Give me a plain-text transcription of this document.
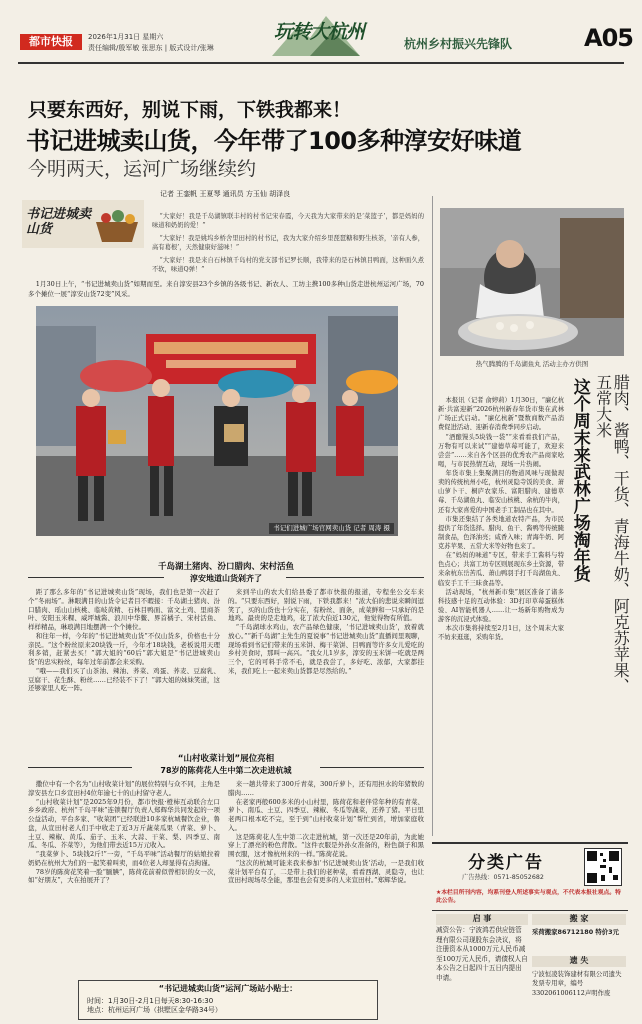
都市快报 2026年1月31日 星期六
责任编辑/殷军敏 张思东 | 版式设计/张琳
玩转大杭州
杭州乡村振兴先锋队	A05
只要东西好，别说下雨，下铁我都来！
书记进城卖山货，今年带了100多种淳安好味道
今明两天，运河广场继续约
记者 王銮帆 王夏琴 通讯员 方玉仙 胡泽良
书记进城卖山货

“大家好！我是千岛湖镇联丰村的村书记宋春霞，今天我为大家带来的是‘菜篮子’，都是妈妈的味道和奶奶的爱！”

“大家好！我是姚坞乡桥舍里田村的村书记，我为大家介绍乡里琵琶糖和野生核茶，‘亲有人参，高有葛根’，天然健康好滋味！”

“大家好！我是来自石林镇千岛村的党支部书记罗长顺，我带来的是石林镇目鸭面，这种面久煮不软，味道Q弹！”

1月30日上午，“书记进城卖山货”如期而至。来自淳安县23个乡镇的各级书记、新农人、工坊主携100多种山货走进杭州运河广场，70多个摊位一展“淳安山货72变”风采。

书记们进城广场官网卖山货 记者 周涛 摄
千岛湖土猪肉、汾口腊肉、宋村活鱼
淳安地道山货剁齐了

距了那么多年的“书记进城卖山货”现场，我们也是第一次赶了个“冬雨场”。淋眼满目的山货令记者目不暇接：千岛湖土猪肉、汾口腊肉、瑶山山核桃、临岐黄精、石林目鸭面、富文土鸡、里商茶叶、安阳玉米粿、威坪城酱、浪川中华鳖、界首橘子、宋村活鱼、样样精品，琳琅满目地摆满一个个摊位。

和往年一样，今年的“书记进城卖山货”不仅山货多，价格也十分亲民。“这个粉丝原来20块钱一斤，今年才18块钱，老板说用天理利多销，赶紧去买！”郭大姐的“60后”郭大姐是“书记进城卖山货”的忠实粉丝，每年过年前都会来采购。

“哦——我们买了山茶油、辣油、荞菜、鸡蛋、荞麦、豆腐乳、豆腐干、花生酥、粉丝……已经装不下了！”郭大姐的妹妹笑道，这还够家里人吃一阵。

来到半山的农大们给县委了都市快报的报道，专程坐公交车来的。“只要东西好，别说下雨，下铁我都来！”浓大伯的悲说来瞬间逗笑了，买的山货也十分实在，有粉丝、面条，成菜鲜和一只承好的是地鸡。最贵的是走地鸡，花了浓大伯近130元，他觉得物有所值。

“千岛湖球水鸡山，农产品绿色健康，‘书记进城卖山货’，放着就放心。”“新千岛湖”主先生的夏说事“书记进城卖山货”直播间里观聊，现场看到书记们带来的玉米饼、梅干菜饼、目鸭面等许多女儿爱吃的乡村美食时，那叫一高兴。“我女儿1岁多，淳安的玉米饼一吃就是两三个，它的可料手常不毛，就是我尝了，多好吃、浓郁，大家都挂米，我们吃上一起来卖山货都是尽然给的。”

“山村收菜计划”展位亮相
78岁的陈荷花人生中第二次走进杭城

撒位中有一个名为“山村收菜计划”的展位特别与众不同，主角是淳安县左口乡宣田村4位年逾七十的山村留守老人。

“山村收菜计划”是2025年9月份，都市快报·橙柿互动联合左口乡乡政府、杭州“千岛平味”连锁餐厅负责人郑辉华共同发起的一项公益活动，平台多家、“收菜团”已经联进10多家杭城餐饮企业，鲁盘，从宣田村老人们手中收走了近3万斤蔬菜瓜果（青菜、萝卜、土豆、辣椒、黄瓜、茄子、玉米、大蒜、干菜、梨、四季豆、南瓜、冬瓜、芥菜等），为他们带去近15万元收入。

“我菜萝卜、5块钱2斤!”一旁，“千岛平味”活动餐厅的姑娘拉着奶奶在杭州大为们的一起笑着叫卖，而4位老人却显得有点拘谨。

78岁的陈荷花笑着一脸“腼腆”，陈荷花前着似曾相识的女一次，如“好朋友”，大在拍展开了？

来一趟共带来了300斤青菜，300斤萝卜，还有用担水的年猪数的腊肉……

在老家再般600多米的小山村里，陈荷花和老伴常年种的有青菜、萝卜、南瓜、土豆、四季豆、辣椒、冬瓜等蔬菜，还养了猪。平日里老两口根本吃不完，至于到“山村收菜计划”帮忙到省，增加家庭收入。

这是陈荷花人生中第二次走进杭城，第一次还是20年前，为此她穿上了漂亮的粉色背散。“这件衣服是外孙女准备的，粉色颜子和黑围衣服，这才像杭州来的一样。”陈荷花说。

“这次的杭城可能来我来参加‘书记进城卖山货’活动，一是我们收菜计划平台有了，二是带上我们的老种菜，看看西湖、灵隐寺，也让宣田村现场尽全能，那里也会有更多的人来宣田村。”郑辉华说。

“书记进城卖山货”运河广场站小贴士：
时间：1月30日-2月1日每天8:30-16:30
地点：杭州运河广场（拱墅区金华路34号）
热气腾腾的千岛湖鱼丸 活动主办方供图
腊肉、酱鸭、干货、青海牛奶、阿克苏苹果、五常大米
这个周末来武林广场淘年货

本报讯（记者 俞婷莉）1月30日，“廉亿杭新·共富迎新”2026杭州新春年货市集在武林广场正式启动。“廉亿杭新”暨数商数产品消费促进活动、迎新春消费季同步启动。

“酒酿馒头5块钱一袋”“来看看我们产品，万物有可以来试”“建德草莓可能了，欢迎来尝尝”……来自各个区县的优秀农产品商家吆喝，与市民热情互动，现场一片热闹。

年货市集上集聚满目的物道风味与现做现卖的传统杭州小吃，杭州灵隐寺饭的美食、萧山萝卜干、桐庐农家乐、富阳腊肉、建德草莓、千岛湖鱼丸、临安山核桃、余杭的牛肉，还有大家喜爱的中国老手工制品也在其中。

市集还集结了各类地道农特产品，为市民提供了年货选择。腊肉、鱼干、酱鸭等传统腌制食品，色泽油亮；咸香入味；青海牛奶、阿克苏苹果、五常大米等好物也来了。

在“妈妈的味道”专区，带来手工酱料与特色点心；共富工坊专区则展现东乡土资源，带来余杭东岳苦瓜、萧山鸭羽手打千岛湖鱼丸、临安手工千三昧食品等。

活动现场，“杭州新市集”展区准备了诸多科技感十足的互动体验：3D打印草莓蛋糕体验、AI智能机器人……让一场新年购物成为游客的沉浸式体验。

本次市集将持续至2月1日，这个周末大家不妨来逛逛，采购年货。

分类广告
广告热线：0571-85052682
★本栏目所刊内容，均系刊登人所述事实与观点，不代表本报社观点。特此公告。
启 事	搬 家

减资公告：宁波鸿若供应链管理有限公司现股东会决议，将注册资本从1000万元人民币减至100万元人民币，请债权人自本公告之日起四十五日内提出申请。

采荷搬家86712180 特价3元
遗 失

宁波恒凌装饰建材有限公司遗失发票专用章，编号3302061006112声明作废
